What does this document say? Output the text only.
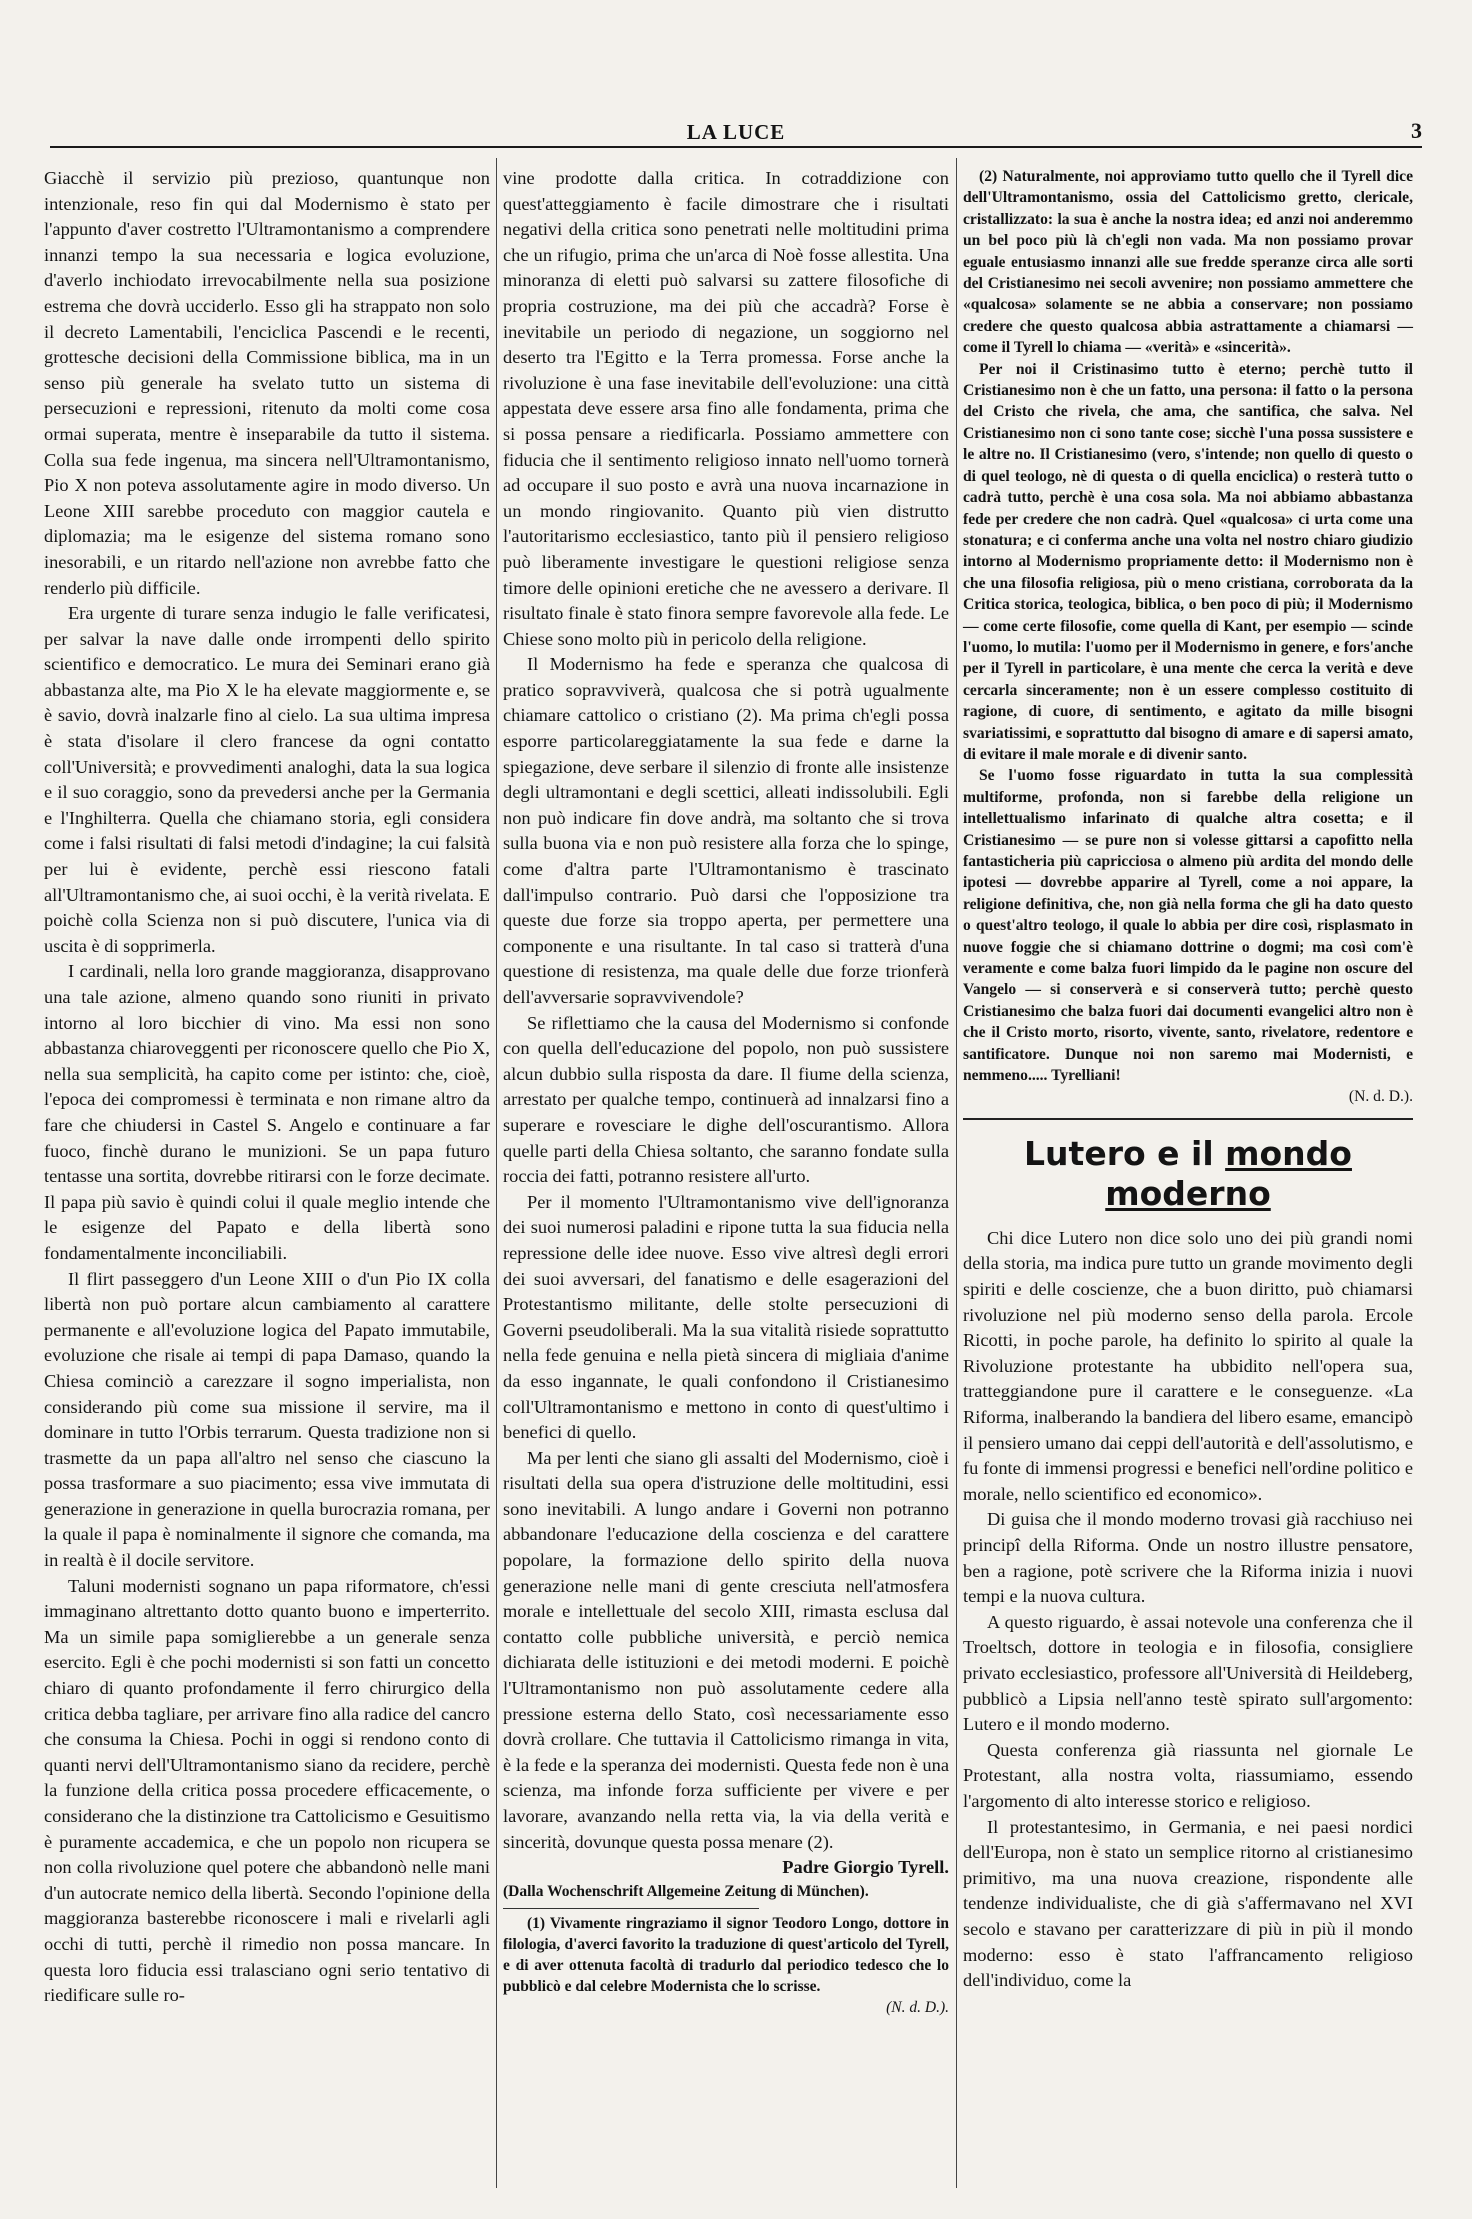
LA LUCE	3

Giacchè il servizio più prezioso, quantunque non intenzionale, reso fin qui dal Modernismo è stato per l'appunto d'aver costretto l'Ultramontanismo a comprendere innanzi tempo la sua necessaria e logica evoluzione, d'averlo inchiodato irrevocabilmente nella sua posizione estrema che dovrà ucciderlo. Esso gli ha strappato non solo il decreto Lamentabili, l'enciclica Pascendi e le recenti, grottesche decisioni della Commissione biblica, ma in un senso più generale ha svelato tutto un sistema di persecuzioni e repressioni, ritenuto da molti come cosa ormai superata, mentre è inseparabile da tutto il sistema. Colla sua fede ingenua, ma sincera nell'Ultramontanismo, Pio X non poteva assolutamente agire in modo diverso. Un Leone XIII sarebbe proceduto con maggior cautela e diplomazia; ma le esigenze del sistema romano sono inesorabili, e un ritardo nell'azione non avrebbe fatto che renderlo più difficile.

Era urgente di turare senza indugio le falle verificatesi, per salvar la nave dalle onde irrompenti dello spirito scientifico e democratico. Le mura dei Seminari erano già abbastanza alte, ma Pio X le ha elevate maggiormente e, se è savio, dovrà inalzarle fino al cielo. La sua ultima impresa è stata d'isolare il clero francese da ogni contatto coll'Università; e provvedimenti analoghi, data la sua logica e il suo coraggio, sono da prevedersi anche per la Germania e l'Inghilterra. Quella che chiamano storia, egli considera come i falsi risultati di falsi metodi d'indagine; la cui falsità per lui è evidente, perchè essi riescono fatali all'Ultramontanismo che, ai suoi occhi, è la verità rivelata. E poichè colla Scienza non si può discutere, l'unica via di uscita è di sopprimerla.

I cardinali, nella loro grande maggioranza, disapprovano una tale azione, almeno quando sono riuniti in privato intorno al loro bicchier di vino. Ma essi non sono abbastanza chiaroveggenti per riconoscere quello che Pio X, nella sua semplicità, ha capito come per istinto: che, cioè, l'epoca dei compromessi è terminata e non rimane altro da fare che chiudersi in Castel S. Angelo e continuare a far fuoco, finchè durano le munizioni. Se un papa futuro tentasse una sortita, dovrebbe ritirarsi con le forze decimate. Il papa più savio è quindi colui il quale meglio intende che le esigenze del Papato e della libertà sono fondamentalmente inconciliabili.

Il flirt passeggero d'un Leone XIII o d'un Pio IX colla libertà non può portare alcun cambiamento al carattere permanente e all'evoluzione logica del Papato immutabile, evoluzione che risale ai tempi di papa Damaso, quando la Chiesa cominciò a carezzare il sogno imperialista, non considerando più come sua missione il servire, ma il dominare in tutto l'Orbis terrarum. Questa tradizione non si trasmette da un papa all'altro nel senso che ciascuno la possa trasformare a suo piacimento; essa vive immutata di generazione in generazione in quella burocrazia romana, per la quale il papa è nominalmente il signore che comanda, ma in realtà è il docile servitore.

Taluni modernisti sognano un papa riformatore, ch'essi immaginano altrettanto dotto quanto buono e imperterrito. Ma un simile papa somiglierebbe a un generale senza esercito. Egli è che pochi modernisti si son fatti un concetto chiaro di quanto profondamente il ferro chirurgico della critica debba tagliare, per arrivare fino alla radice del cancro che consuma la Chiesa. Pochi in oggi si rendono conto di quanti nervi dell'Ultramontanismo siano da recidere, perchè la funzione della critica possa procedere efficacemente, o considerano che la distinzione tra Cattolicismo e Gesuitismo è puramente accademica, e che un popolo non ricupera se non colla rivoluzione quel potere che abbandonò nelle mani d'un autocrate nemico della libertà. Secondo l'opinione della maggioranza basterebbe riconoscere i mali e rivelarli agli occhi di tutti, perchè il rimedio non possa mancare. In questa loro fiducia essi tralasciano ogni serio tentativo di riedificare sulle ro-

vine prodotte dalla critica. In cotraddizione con quest'atteggiamento è facile dimostrare che i risultati negativi della critica sono penetrati nelle moltitudini prima che un rifugio, prima che un'arca di Noè fosse allestita. Una minoranza di eletti può salvarsi su zattere filosofiche di propria costruzione, ma dei più che accadrà? Forse è inevitabile un periodo di negazione, un soggiorno nel deserto tra l'Egitto e la Terra promessa. Forse anche la rivoluzione è una fase inevitabile dell'evoluzione: una città appestata deve essere arsa fino alle fondamenta, prima che si possa pensare a riedificarla. Possiamo ammettere con fiducia che il sentimento religioso innato nell'uomo tornerà ad occupare il suo posto e avrà una nuova incarnazione in un mondo ringiovanito. Quanto più vien distrutto l'autoritarismo ecclesiastico, tanto più il pensiero religioso può liberamente investigare le questioni religiose senza timore delle opinioni eretiche che ne avessero a derivare. Il risultato finale è stato finora sempre favorevole alla fede. Le Chiese sono molto più in pericolo della religione.

Il Modernismo ha fede e speranza che qualcosa di pratico sopravviverà, qualcosa che si potrà ugualmente chiamare cattolico o cristiano (2). Ma prima ch'egli possa esporre particolareggiatamente la sua fede e darne la spiegazione, deve serbare il silenzio di fronte alle insistenze degli ultramontani e degli scettici, alleati indissolubili. Egli non può indicare fin dove andrà, ma soltanto che si trova sulla buona via e non può resistere alla forza che lo spinge, come d'altra parte l'Ultramontanismo è trascinato dall'impulso contrario. Può darsi che l'opposizione tra queste due forze sia troppo aperta, per permettere una componente e una risultante. In tal caso si tratterà d'una questione di resistenza, ma quale delle due forze trionferà dell'avversarie sopravvivendole?

Se riflettiamo che la causa del Modernismo si confonde con quella dell'educazione del popolo, non può sussistere alcun dubbio sulla risposta da dare. Il fiume della scienza, arrestato per qualche tempo, continuerà ad innalzarsi fino a superare e rovesciare le dighe dell'oscurantismo. Allora quelle parti della Chiesa soltanto, che saranno fondate sulla roccia dei fatti, potranno resistere all'urto.

Per il momento l'Ultramontanismo vive dell'ignoranza dei suoi numerosi paladini e ripone tutta la sua fiducia nella repressione delle idee nuove. Esso vive altresì degli errori dei suoi avversari, del fanatismo e delle esagerazioni del Protestantismo militante, delle stolte persecuzioni di Governi pseudoliberali. Ma la sua vitalità risiede soprattutto nella fede genuina e nella pietà sincera di migliaia d'anime da esso ingannate, le quali confondono il Cristianesimo coll'Ultramontanismo e mettono in conto di quest'ultimo i benefici di quello.

Ma per lenti che siano gli assalti del Modernismo, cioè i risultati della sua opera d'istruzione delle moltitudini, essi sono inevitabili. A lungo andare i Governi non potranno abbandonare l'educazione della coscienza e del carattere popolare, la formazione dello spirito della nuova generazione nelle mani di gente cresciuta nell'atmosfera morale e intellettuale del secolo XIII, rimasta esclusa dal contatto colle pubbliche università, e perciò nemica dichiarata delle istituzioni e dei metodi moderni. E poichè l'Ultramontanismo non può assolutamente cedere alla pressione esterna dello Stato, così necessariamente esso dovrà crollare. Che tuttavia il Cattolicismo rimanga in vita, è la fede e la speranza dei modernisti. Questa fede non è una scienza, ma infonde forza sufficiente per vivere e per lavorare, avanzando nella retta via, la via della verità e sincerità, dovunque questa possa menare (2).

Padre Giorgio Tyrell.

(Dalla Wochenschrift Allgemeine Zeitung di München).

(1) Vivamente ringraziamo il signor Teodoro Longo, dottore in filologia, d'averci favorito la traduzione di quest'articolo del Tyrell, e di aver ottenuta facoltà di tradurlo dal periodico tedesco che lo pubblicò e dal celebre Modernista che lo scrisse.

(N. d. D.).

(2) Naturalmente, noi approviamo tutto quello che il Tyrell dice dell'Ultramontanismo, ossia del Cattolicismo gretto, clericale, cristallizzato: la sua è anche la nostra idea; ed anzi noi anderemmo un bel poco più là ch'egli non vada. Ma non possiamo provar eguale entusiasmo innanzi alle sue fredde speranze circa alle sorti del Cristianesimo nei secoli avvenire; non possiamo ammettere che «qualcosa» solamente se ne abbia a conservare; non possiamo credere che questo qualcosa abbia astrattamente a chiamarsi — come il Tyrell lo chiama — «verità» e «sincerità».

Per noi il Cristinasimo tutto è eterno; perchè tutto il Cristianesimo non è che un fatto, una persona: il fatto o la persona del Cristo che rivela, che ama, che santifica, che salva. Nel Cristianesimo non ci sono tante cose; sicchè l'una possa sussistere e le altre no. Il Cristianesimo (vero, s'intende; non quello di questo o di quel teologo, nè di questa o di quella enciclica) o resterà tutto o cadrà tutto, perchè è una cosa sola. Ma noi abbiamo abbastanza fede per credere che non cadrà. Quel «qualcosa» ci urta come una stonatura; e ci conferma anche una volta nel nostro chiaro giudizio intorno al Modernismo propriamente detto: il Modernismo non è che una filosofia religiosa, più o meno cristiana, corroborata da la Critica storica, teologica, biblica, o ben poco di più; il Modernismo — come certe filosofie, come quella di Kant, per esempio — scinde l'uomo, lo mutila: l'uomo per il Modernismo in genere, e fors'anche per il Tyrell in particolare, è una mente che cerca la verità e deve cercarla sinceramente; non è un essere complesso costituito di ragione, di cuore, di sentimento, e agitato da mille bisogni svariatissimi, e soprattutto dal bisogno di amare e di sapersi amato, di evitare il male morale e di divenir santo.

Se l'uomo fosse riguardato in tutta la sua complessità multiforme, profonda, non si farebbe della religione un intellettualismo infarinato di qualche altra cosetta; e il Cristianesimo — se pure non si volesse gittarsi a capofitto nella fantasticheria più capricciosa o almeno più ardita del mondo delle ipotesi — dovrebbe apparire al Tyrell, come a noi appare, la religione definitiva, che, non già nella forma che gli ha dato questo o quest'altro teologo, il quale lo abbia per dire così, risplasmato in nuove foggie che si chiamano dottrine o dogmi; ma così com'è veramente e come balza fuori limpido da le pagine non oscure del Vangelo — si conserverà e si conserverà tutto; perchè questo Cristianesimo che balza fuori dai documenti evangelici altro non è che il Cristo morto, risorto, vivente, santo, rivelatore, redentore e santificatore. Dunque noi non saremo mai Modernisti, e nemmeno..... Tyrelliani!

(N. d. D.).

Lutero e il mondo moderno

Chi dice Lutero non dice solo uno dei più grandi nomi della storia, ma indica pure tutto un grande movimento degli spiriti e delle coscienze, che a buon diritto, può chiamarsi rivoluzione nel più moderno senso della parola. Ercole Ricotti, in poche parole, ha definito lo spirito al quale la Rivoluzione protestante ha ubbidito nell'opera sua, tratteggiandone pure il carattere e le conseguenze. «La Riforma, inalberando la bandiera del libero esame, emancipò il pensiero umano dai ceppi dell'autorità e dell'assolutismo, e fu fonte di immensi progressi e benefici nell'ordine politico e morale, nello scientifico ed economico».

Di guisa che il mondo moderno trovasi già racchiuso nei principî della Riforma. Onde un nostro illustre pensatore, ben a ragione, potè scrivere che la Riforma inizia i nuovi tempi e la nuova cultura.

A questo riguardo, è assai notevole una conferenza che il Troeltsch, dottore in teologia e in filosofia, consigliere privato ecclesiastico, professore all'Università di Heildeberg, pubblicò a Lipsia nell'anno testè spirato sull'argomento: Lutero e il mondo moderno.

Questa conferenza già riassunta nel giornale Le Protestant, alla nostra volta, riassumiamo, essendo l'argomento di alto interesse storico e religioso.

Il protestantesimo, in Germania, e nei paesi nordici dell'Europa, non è stato un semplice ritorno al cristianesimo primitivo, ma una nuova creazione, rispondente alle tendenze individualiste, che di già s'affermavano nel XVI secolo e stavano per caratterizzare di più in più il mondo moderno: esso è stato l'affrancamento religioso dell'individuo, come la
